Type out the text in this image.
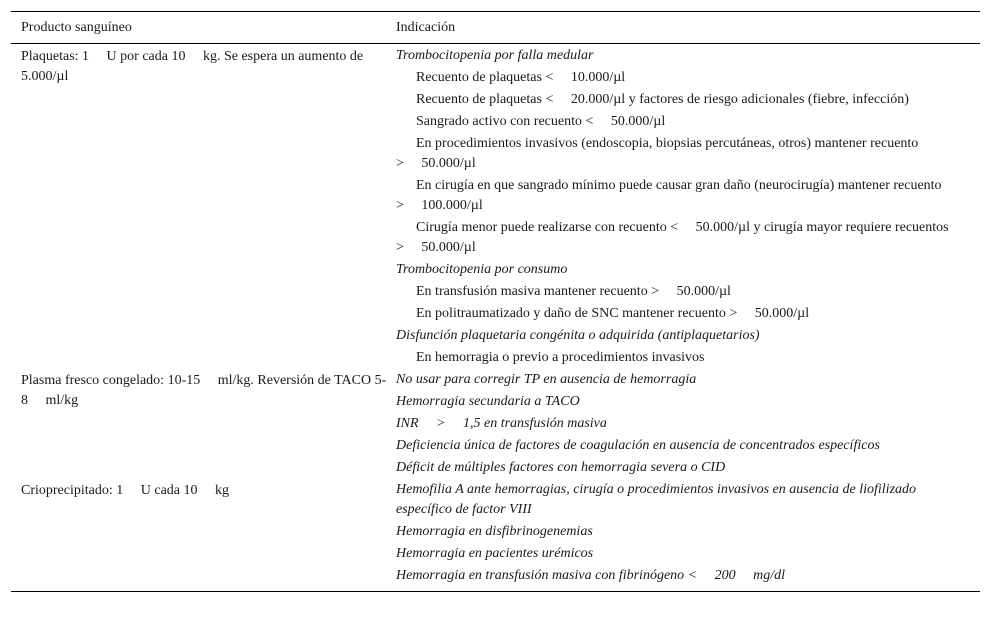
Producto sanguíneo	Indicación
Plaquetas: 1     U por cada 10     kg. Se espera un aumento de 5.000/µl
Trombocitopenia por falla medular
Recuento de plaquetas <     10.000/µl
Recuento de plaquetas <     20.000/µl y factores de riesgo adicionales (fiebre, infección)
Sangrado activo con recuento <     50.000/µl
En procedimientos invasivos (endoscopia, biopsias percutáneas, otros) mantener recuento >     50.000/µl
En cirugía en que sangrado mínimo puede causar gran daño (neurocirugía) mantener recuento >     100.000/µl
Cirugía menor puede realizarse con recuento <     50.000/µl y cirugía mayor requiere recuentos >     50.000/µl
Trombocitopenia por consumo
En transfusión masiva mantener recuento >     50.000/µl
En politraumatizado y daño de SNC mantener recuento >     50.000/µl
Disfunción plaquetaria congénita o adquirida (antiplaquetarios)
En hemorragia o previo a procedimientos invasivos
Plasma fresco congelado: 10-15     ml/kg. Reversión de TACO 5-8     ml/kg
No usar para corregir TP en ausencia de hemorragia
Hemorragia secundaria a TACO
INR     >     1,5 en transfusión masiva
Deficiencia única de factores de coagulación en ausencia de concentrados específicos
Déficit de múltiples factores con hemorragia severa o CID
Crioprecipitado: 1     U cada 10     kg	Hemofilia A ante hemorragias, cirugía o procedimientos invasivos en ausencia de liofilizado específico de factor VIII
Hemorragia en disfibrinogenemias
Hemorragia en pacientes urémicos
Hemorragia en transfusión masiva con fibrinógeno <     200     mg/dl
